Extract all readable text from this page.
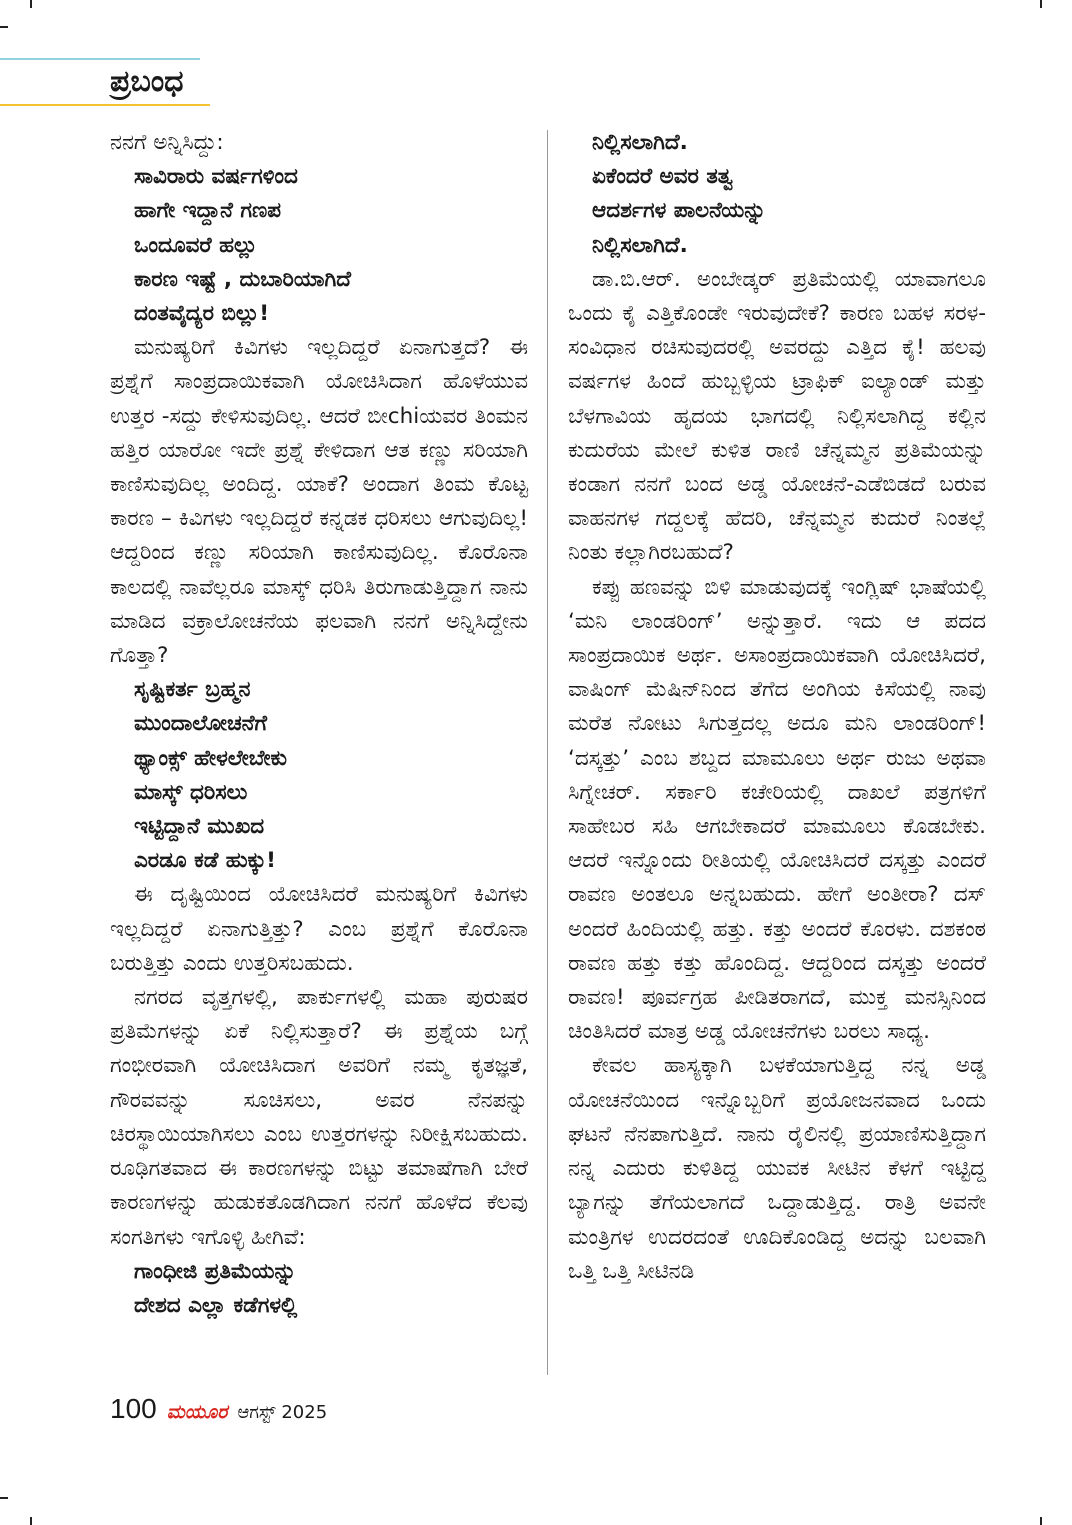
ಪ್ರಬಂಧ

ನನಗೆ ಅನ್ನಿಸಿದ್ದು:

ಸಾವಿರಾರು ವರ್ಷಗಳಿಂದ

ಹಾಗೇ ಇದ್ದಾನೆ ಗಣಪ

ಒಂದೂವರೆ ಹಲ್ಲು

ಕಾರಣ ಇಷ್ಟೆ , ದುಬಾರಿಯಾಗಿದೆ

ದಂತವೈದ್ಯರ ಬಿಲ್ಲು!

ಮನುಷ್ಯರಿಗೆ ಕಿವಿಗಳು ಇಲ್ಲದಿದ್ದರೆ ಏನಾಗುತ್ತದೆ? ಈ ಪ್ರಶ್ನೆಗೆ ಸಾಂಪ್ರದಾಯಿಕವಾಗಿ ಯೋಚಿಸಿದಾಗ ಹೊಳೆಯುವ ಉತ್ತರ -ಸದ್ದು ಕೇಳಿಸುವುದಿಲ್ಲ. ಆದರೆ ಬೀchiಯವರ ತಿಂಮನ ಹತ್ತಿರ ಯಾರೋ ಇದೇ ಪ್ರಶ್ನೆ ಕೇಳಿದಾಗ ಆತ ಕಣ್ಣು ಸರಿಯಾಗಿ ಕಾಣಿಸುವುದಿಲ್ಲ ಅಂದಿದ್ದ. ಯಾಕೆ? ಅಂದಾಗ ತಿಂಮ ಕೊಟ್ಟ ಕಾರಣ – ಕಿವಿಗಳು ಇಲ್ಲದಿದ್ದರೆ ಕನ್ನಡಕ ಧರಿಸಲು ಆಗುವುದಿಲ್ಲ! ಆದ್ದರಿಂದ ಕಣ್ಣು ಸರಿಯಾಗಿ ಕಾಣಿಸುವುದಿಲ್ಲ. ಕೊರೊನಾ ಕಾಲದಲ್ಲಿ ನಾವೆಲ್ಲರೂ ಮಾಸ್ಕ್ ಧರಿಸಿ ತಿರುಗಾಡುತ್ತಿದ್ದಾಗ ನಾನು ಮಾಡಿದ ವಕ್ರಾಲೋಚನೆಯ ಫಲವಾಗಿ ನನಗೆ ಅನ್ನಿಸಿದ್ದೇನು ಗೊತ್ತಾ?

ಸೃಷ್ಟಿಕರ್ತ ಬ್ರಹ್ಮನ

ಮುಂದಾಲೋಚನೆಗೆ

ಥ್ಯಾಂಕ್ಸ್ ಹೇಳಲೇಬೇಕು

ಮಾಸ್ಕ್ ಧರಿಸಲು

ಇಟ್ಟಿದ್ದಾನೆ ಮುಖದ

ಎರಡೂ ಕಡೆ ಹುಕ್ಕು!

ಈ ದೃಷ್ಟಿಯಿಂದ ಯೋಚಿಸಿದರೆ ಮನುಷ್ಯರಿಗೆ ಕಿವಿಗಳು ಇಲ್ಲದಿದ್ದರೆ ಏನಾಗುತ್ತಿತ್ತು? ಎಂಬ ಪ್ರಶ್ನೆಗೆ ಕೊರೊನಾ ಬರುತ್ತಿತ್ತು ಎಂದು ಉತ್ತರಿಸಬಹುದು.

ನಗರದ ವೃತ್ತಗಳಲ್ಲಿ, ಪಾರ್ಕುಗಳಲ್ಲಿ ಮಹಾ ಪುರುಷರ ಪ್ರತಿಮೆಗಳನ್ನು ಏಕೆ ನಿಲ್ಲಿಸುತ್ತಾರೆ? ಈ ಪ್ರಶ್ನೆಯ ಬಗ್ಗೆ ಗಂಭೀರವಾಗಿ ಯೋಚಿಸಿದಾಗ ಅವರಿಗೆ ನಮ್ಮ ಕೃತಜ್ಞತೆ, ಗೌರವವನ್ನು ಸೂಚಿಸಲು, ಅವರ ನೆನಪನ್ನು ಚಿರಸ್ಥಾಯಿಯಾಗಿಸಲು ಎಂಬ ಉತ್ತರಗಳನ್ನು ನಿರೀಕ್ಷಿಸಬಹುದು. ರೂಢಿಗತವಾದ ಈ ಕಾರಣಗಳನ್ನು ಬಿಟ್ಟು ತಮಾಷೆಗಾಗಿ ಬೇರೆ ಕಾರಣಗಳನ್ನು ಹುಡುಕತೊಡಗಿದಾಗ ನನಗೆ ಹೊಳೆದ ಕೆಲವು ಸಂಗತಿಗಳು ಇಗೊಳ್ಳಿ ಹೀಗಿವೆ:

ಗಾಂಧೀಜಿ ಪ್ರತಿಮೆಯನ್ನು

ದೇಶದ ಎಲ್ಲಾ ಕಡೆಗಳಲ್ಲಿ

ನಿಲ್ಲಿಸಲಾಗಿದೆ.

ಏಕೆಂದರೆ ಅವರ ತತ್ವ

ಆದರ್ಶಗಳ ಪಾಲನೆಯನ್ನು

ನಿಲ್ಲಿಸಲಾಗಿದೆ.

ಡಾ.ಬಿ.ಆರ್. ಅಂಬೇಡ್ಕರ್ ಪ್ರತಿಮೆಯಲ್ಲಿ ಯಾವಾಗಲೂ ಒಂದು ಕೈ ಎತ್ತಿಕೊಂಡೇ ಇರುವುದೇಕೆ? ಕಾರಣ ಬಹಳ ಸರಳ- ಸಂವಿಧಾನ ರಚಿಸುವುದರಲ್ಲಿ ಅವರದ್ದು ಎತ್ತಿದ ಕೈ! ಹಲವು ವರ್ಷಗಳ ಹಿಂದೆ ಹುಬ್ಬಳ್ಳಿಯ ಟ್ರಾಫಿಕ್ ಐಲ್ಯಾಂಡ್ ಮತ್ತು ಬೆಳಗಾವಿಯ ಹೃದಯ ಭಾಗದಲ್ಲಿ ನಿಲ್ಲಿಸಲಾಗಿದ್ದ ಕಲ್ಲಿನ ಕುದುರೆಯ ಮೇಲೆ ಕುಳಿತ ರಾಣಿ ಚೆನ್ನಮ್ಮನ ಪ್ರತಿಮೆಯನ್ನು ಕಂಡಾಗ ನನಗೆ ಬಂದ ಅಡ್ಡ ಯೋಚನೆ-ಎಡೆಬಿಡದೆ ಬರುವ ವಾಹನಗಳ ಗದ್ದಲಕ್ಕೆ ಹೆದರಿ, ಚೆನ್ನಮ್ಮನ ಕುದುರೆ ನಿಂತಲ್ಲೆ ನಿಂತು ಕಲ್ಲಾಗಿರಬಹುದೆ?

ಕಪ್ಪು ಹಣವನ್ನು ಬಿಳಿ ಮಾಡುವುದಕ್ಕೆ ಇಂಗ್ಲಿಷ್ ಭಾಷೆಯಲ್ಲಿ ‘ಮನಿ ಲಾಂಡರಿಂಗ್’ ಅನ್ನುತ್ತಾರೆ. ಇದು ಆ ಪದದ ಸಾಂಪ್ರದಾಯಿಕ ಅರ್ಥ. ಅಸಾಂಪ್ರದಾಯಿಕವಾಗಿ ಯೋಚಿಸಿದರೆ, ವಾಷಿಂಗ್ ಮೆಷಿನ್‌ನಿಂದ ತೆಗೆದ ಅಂಗಿಯ ಕಿಸೆಯಲ್ಲಿ ನಾವು ಮರೆತ ನೋಟು ಸಿಗುತ್ತದಲ್ಲ ಅದೂ ಮನಿ ಲಾಂಡರಿಂಗ್! ‘ದಸ್ಕತ್ತು’ ಎಂಬ ಶಬ್ದದ ಮಾಮೂಲು ಅರ್ಥ ರುಜು ಅಥವಾ ಸಿಗ್ನೇಚರ್. ಸರ್ಕಾರಿ ಕಚೇರಿಯಲ್ಲಿ ದಾಖಲೆ ಪತ್ರಗಳಿಗೆ ಸಾಹೇಬರ ಸಹಿ ಆಗಬೇಕಾದರೆ ಮಾಮೂಲು ಕೊಡಬೇಕು. ಆದರೆ ಇನ್ನೊಂದು ರೀತಿಯಲ್ಲಿ ಯೋಚಿಸಿದರೆ ದಸ್ಕತ್ತು ಎಂದರೆ ರಾವಣ ಅಂತಲೂ ಅನ್ನಬಹುದು. ಹೇಗೆ ಅಂತೀರಾ? ದಸ್ ಅಂದರೆ ಹಿಂದಿಯಲ್ಲಿ ಹತ್ತು. ಕತ್ತು ಅಂದರೆ ಕೊರಳು. ದಶಕಂಠ ರಾವಣ ಹತ್ತು ಕತ್ತು ಹೊಂದಿದ್ದ. ಆದ್ದರಿಂದ ದಸ್ಕತ್ತು ಅಂದರೆ ರಾವಣ! ಪೂರ್ವಗ್ರಹ ಪೀಡಿತರಾಗದೆ, ಮುಕ್ತ ಮನಸ್ಸಿನಿಂದ ಚಿಂತಿಸಿದರೆ ಮಾತ್ರ ಅಡ್ಡ ಯೋಚನೆಗಳು ಬರಲು ಸಾಧ್ಯ.

ಕೇವಲ ಹಾಸ್ಯಕ್ಕಾಗಿ ಬಳಕೆಯಾಗುತ್ತಿದ್ದ ನನ್ನ ಅಡ್ಡ ಯೋಚನೆಯಿಂದ ಇನ್ನೊಬ್ಬರಿಗೆ ಪ್ರಯೋಜನವಾದ ಒಂದು ಘಟನೆ ನೆನಪಾಗುತ್ತಿದೆ. ನಾನು ರೈಲಿನಲ್ಲಿ ಪ್ರಯಾಣಿಸುತ್ತಿದ್ದಾಗ ನನ್ನ ಎದುರು ಕುಳಿತಿದ್ದ ಯುವಕ ಸೀಟಿನ ಕೆಳಗೆ ಇಟ್ಟಿದ್ದ ಬ್ಯಾಗನ್ನು ತೆಗೆಯಲಾಗದೆ ಒದ್ದಾಡುತ್ತಿದ್ದ. ರಾತ್ರಿ ಅವನೇ ಮಂತ್ರಿಗಳ ಉದರದಂತೆ ಊದಿಕೊಂಡಿದ್ದ ಅದನ್ನು ಬಲವಾಗಿ ಒತ್ತಿ ಒತ್ತಿ ಸೀಟಿನಡಿ

100 ಮಯೂರ ಆಗಸ್ಟ್ 2025
